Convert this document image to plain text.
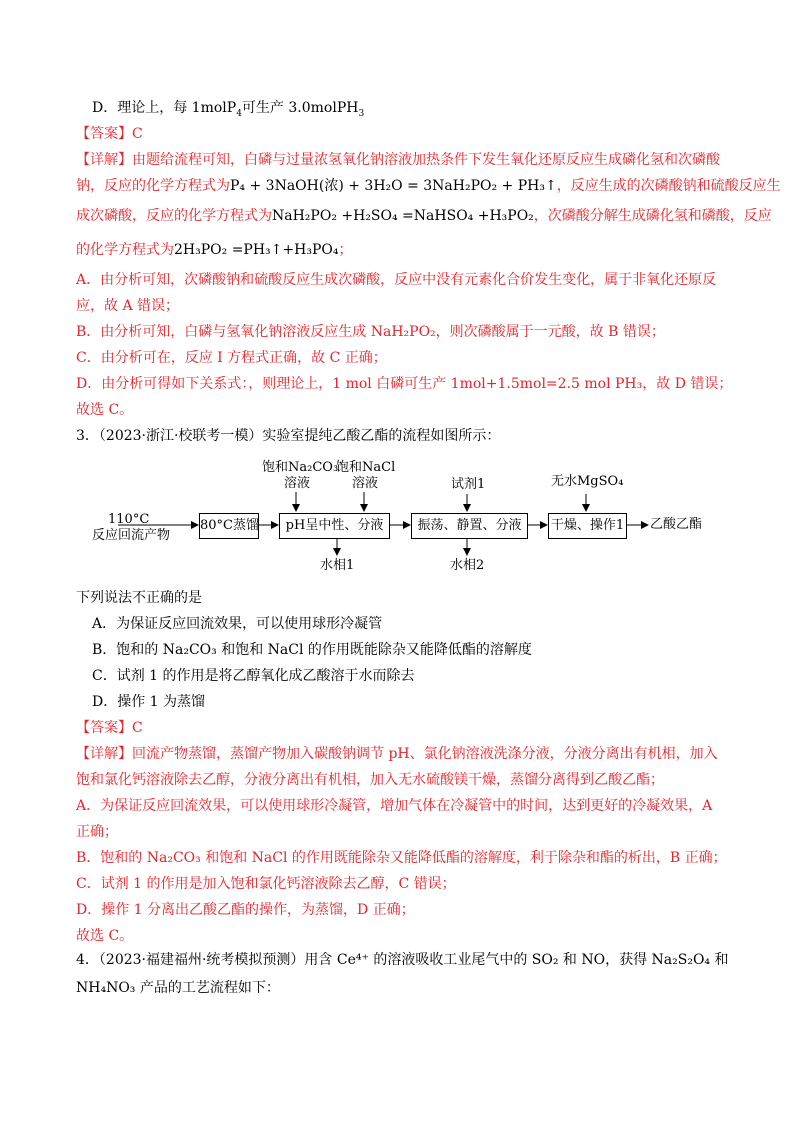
D．理论上，每 1molP$_4$可生产 3.0molPH$_3$
【答案】C
【详解】由题给流程可知，白磷与过量浓氢氧化钠溶液加热条件下发生氧化还原反应生成磷化氢和次磷酸
钠，反应的化学方程式为P₄ + 3NaOH(浓) + 3H₂O = 3NaH₂PO₂ + PH₃↑，反应生成的次磷酸钠和硫酸反应生
成次磷酸，反应的化学方程式为NaH₂PO₂ +H₂SO₄ =NaHSO₄ +H₃PO₂，次磷酸分解生成磷化氢和磷酸，反应
的化学方程式为2H₃PO₂ =PH₃↑+H₃PO₄；
A．由分析可知，次磷酸钠和硫酸反应生成次磷酸，反应中没有元素化合价发生变化，属于非氧化还原反
应，故 A 错误；
B．由分析可知，白磷与氢氧化钠溶液反应生成 NaH₂PO₂，则次磷酸属于一元酸，故 B 错误；
C．由分析可在，反应 I 方程式正确，故 C 正确；
D．由分析可得如下关系式：，则理论上，1 mol 白磷可生产 1mol+1.5mol=2.5 mol PH₃，故 D 错误；
故选 C。
3．（2023·浙江·校联考一模）实验室提纯乙酸乙酯的流程如图所示：
110°C
反应回流产物
80°C蒸馏	pH呈中性、分液	振荡、静置、分液	干燥、操作1 乙酸乙酯
饱和Na₂CO₃
溶液
饱和NaCl
溶液	试剂1	无水MgSO₄
水相1	水相2
下列说法不正确的是
A．为保证反应回流效果，可以使用球形冷凝管
B．饱和的 Na₂CO₃ 和饱和 NaCl 的作用既能除杂又能降低酯的溶解度
C．试剂 1 的作用是将乙醇氧化成乙酸溶于水而除去
D．操作 1 为蒸馏
【答案】C
【详解】回流产物蒸馏，蒸馏产物加入碳酸钠调节 pH、氯化钠溶液洗涤分液，分液分离出有机相，加入
饱和氯化钙溶液除去乙醇，分液分离出有机相，加入无水硫酸镁干燥，蒸馏分离得到乙酸乙酯；
A．为保证反应回流效果，可以使用球形冷凝管，增加气体在冷凝管中的时间，达到更好的冷凝效果，A
正确；
B．饱和的 Na₂CO₃ 和饱和 NaCl 的作用既能除杂又能降低酯的溶解度，利于除杂和酯的析出，B 正确；
C．试剂 1 的作用是加入饱和氯化钙溶液除去乙醇，C 错误；
D．操作 1 分离出乙酸乙酯的操作，为蒸馏，D 正确；
故选 C。
4．（2023·福建福州·统考模拟预测）用含 Ce⁴⁺ 的溶液吸收工业尾气中的 SO₂ 和 NO，获得 Na₂S₂O₄ 和
NH₄NO₃ 产品的工艺流程如下：
